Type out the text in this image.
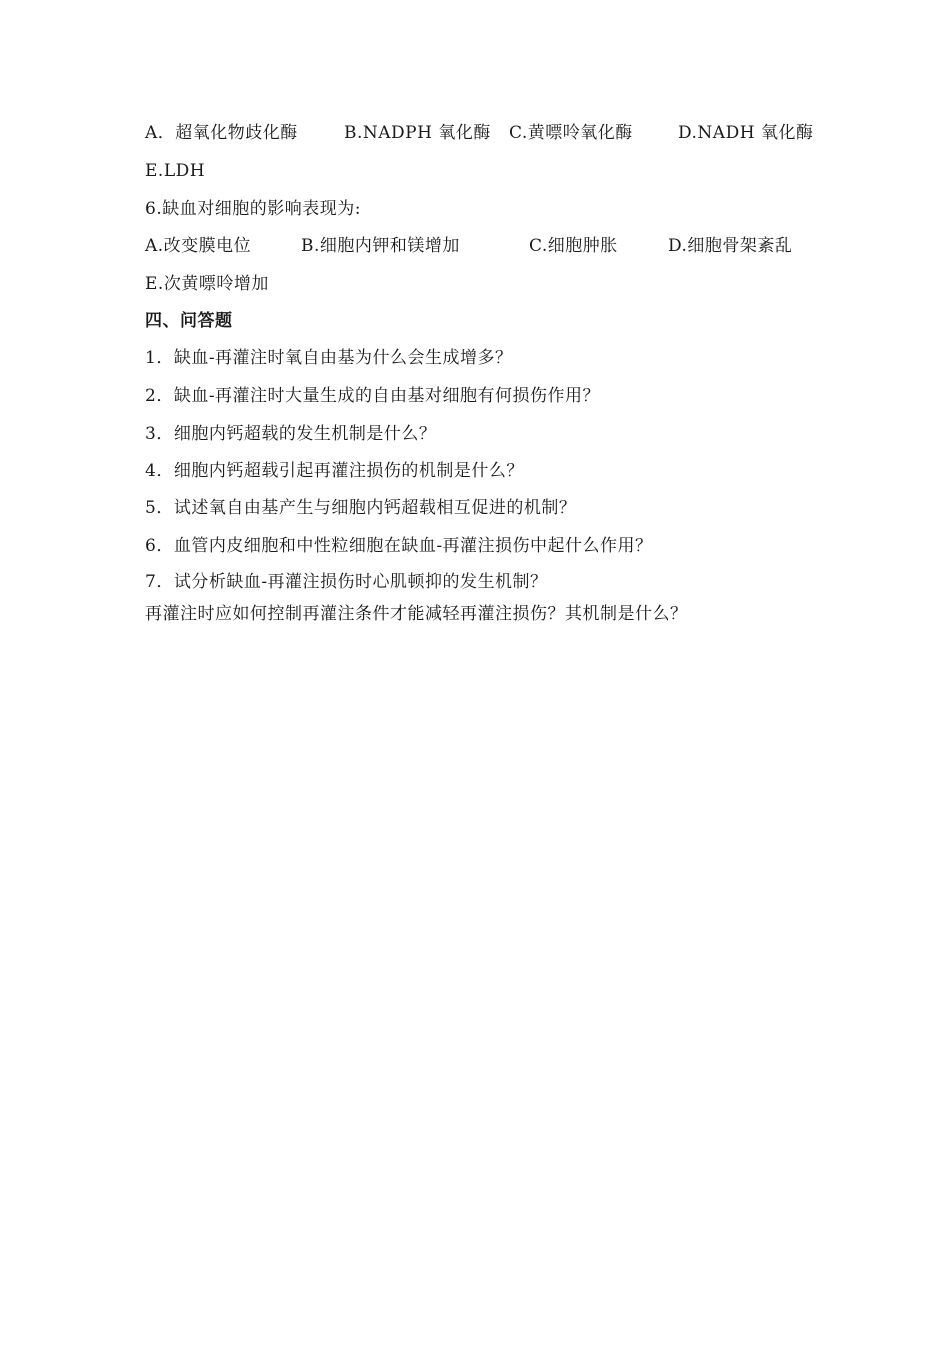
A．超氧化物歧化酶	B.NADPH 氧化酶 C.黄嘌呤氧化酶	D.NADH 氧化酶
E.LDH
6.缺血对细胞的影响表现为:
A.改变膜电位	B.细胞内钾和镁增加	C.细胞肿胀	D.细胞骨架紊乱
E.次黄嘌呤增加
四、问答题
1．缺血-再灌注时氧自由基为什么会生成增多？
2．缺血-再灌注时大量生成的自由基对细胞有何损伤作用？
3．细胞内钙超载的发生机制是什么？
4．细胞内钙超载引起再灌注损伤的机制是什么？
5．试述氧自由基产生与细胞内钙超载相互促进的机制？
6．血管内皮细胞和中性粒细胞在缺血-再灌注损伤中起什么作用？
7．试分析缺血-再灌注损伤时心肌顿抑的发生机制？
再灌注时应如何控制再灌注条件才能减轻再灌注损伤？其机制是什么？
